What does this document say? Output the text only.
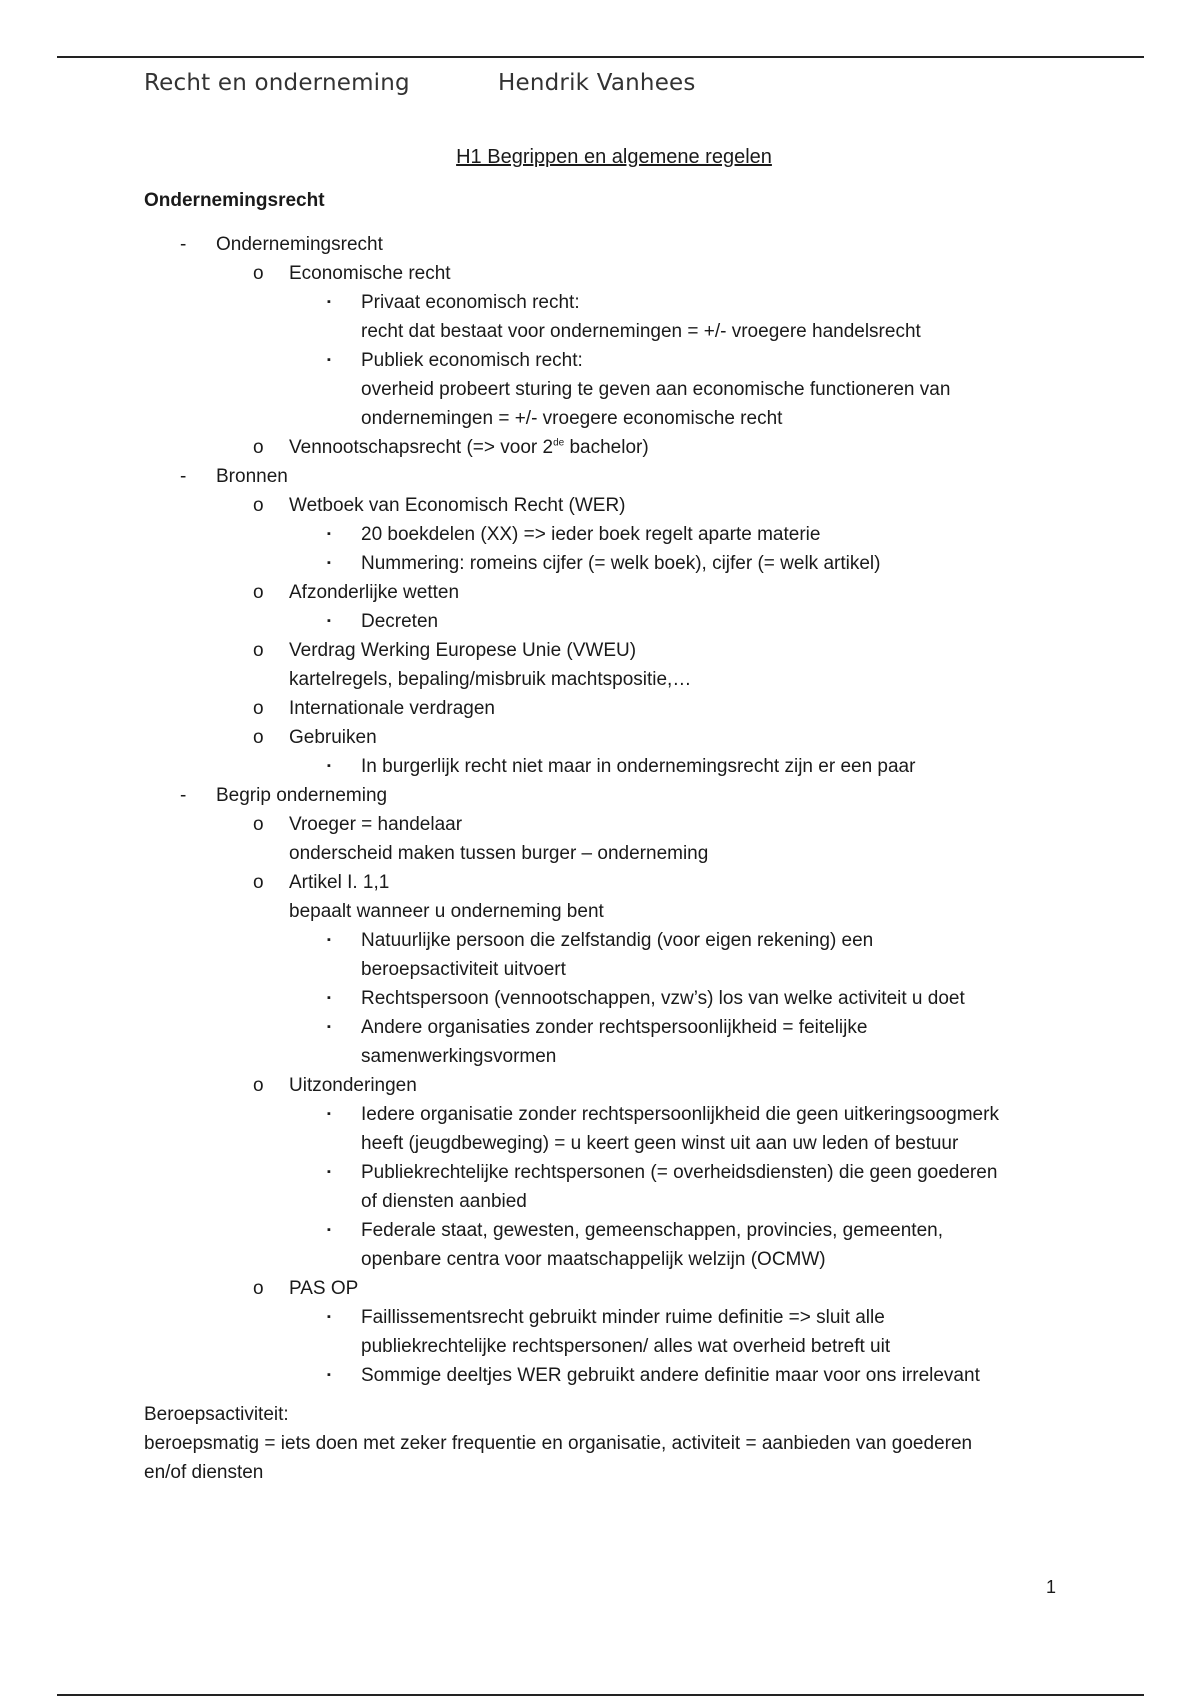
Recht en onderneming	Hendrik Vanhees
H1 Begrippen en algemene regelen
Ondernemingsrecht
- Ondernemingsrecht
o Economische recht
▪ Privaat economisch recht:
recht dat bestaat voor ondernemingen = +/- vroegere handelsrecht
▪ Publiek economisch recht:
overheid probeert sturing te geven aan economische functioneren van
ondernemingen = +/- vroegere economische recht
o Vennootschapsrecht (=> voor 2de bachelor)
- Bronnen
o Wetboek van Economisch Recht (WER)
▪ 20 boekdelen (XX) => ieder boek regelt aparte materie
▪ Nummering: romeins cijfer (= welk boek), cijfer (= welk artikel)
o Afzonderlijke wetten
▪ Decreten
o Verdrag Werking Europese Unie (VWEU)
kartelregels, bepaling/misbruik machtspositie,…
o Internationale verdragen
o Gebruiken
▪ In burgerlijk recht niet maar in ondernemingsrecht zijn er een paar
- Begrip onderneming
o Vroeger = handelaar
onderscheid maken tussen burger – onderneming
o Artikel I. 1,1
bepaalt wanneer u onderneming bent
▪ Natuurlijke persoon die zelfstandig (voor eigen rekening) een
beroepsactiviteit uitvoert
▪ Rechtspersoon (vennootschappen, vzw’s) los van welke activiteit u doet
▪ Andere organisaties zonder rechtspersoonlijkheid = feitelijke
samenwerkingsvormen
o Uitzonderingen
▪ Iedere organisatie zonder rechtspersoonlijkheid die geen uitkeringsoogmerk
heeft (jeugdbeweging) = u keert geen winst uit aan uw leden of bestuur
▪ Publiekrechtelijke rechtspersonen (= overheidsdiensten) die geen goederen
of diensten aanbied
▪ Federale staat, gewesten, gemeenschappen, provincies, gemeenten,
openbare centra voor maatschappelijk welzijn (OCMW)
o PAS OP
▪ Faillissementsrecht gebruikt minder ruime definitie => sluit alle
publiekrechtelijke rechtspersonen/ alles wat overheid betreft uit
▪ Sommige deeltjes WER gebruikt andere definitie maar voor ons irrelevant
Beroepsactiviteit:
beroepsmatig = iets doen met zeker frequentie en organisatie, activiteit = aanbieden van goederen
en/of diensten
1
